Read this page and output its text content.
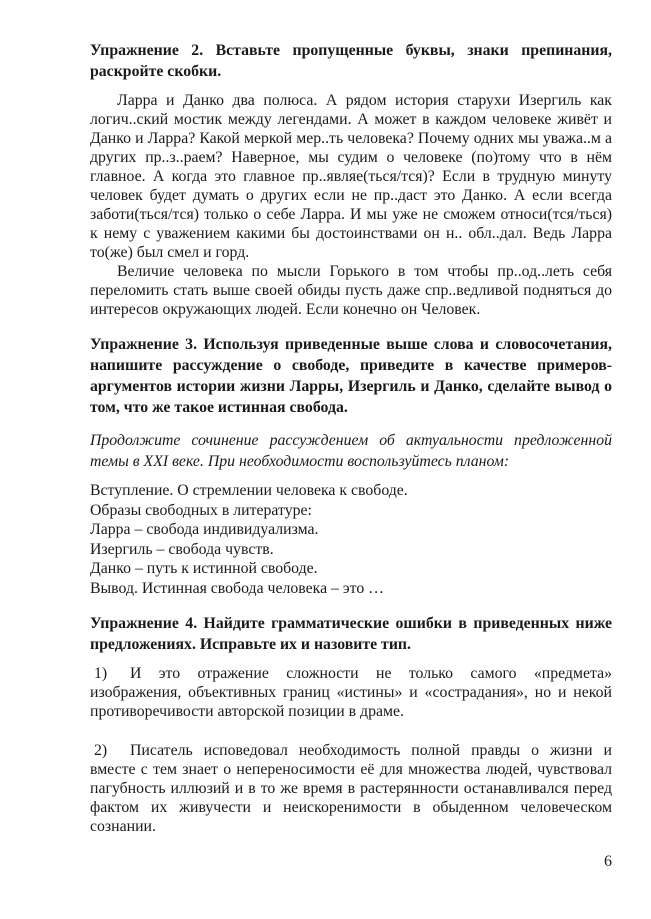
Упражнение 2. Вставьте пропущенные буквы, знаки препинания, раскройте скобки.

Ларра и Данко два полюса. А рядом история старухи Изергиль как логич..ский мостик между легендами. А может в каждом человеке живёт и Данко и Ларра? Какой меркой мер..ть человека? Почему одних мы уважа..м а других пр..з..раем? Наверное, мы судим о человеке (по)тому что в нём главное. А когда это главное пр..являе(ться/тся)? Если в трудную минуту человек будет думать о других если не пр..даст это Данко. А если всегда заботи(ться/тся) только о себе Ларра. И мы уже не сможем относи(тся/ться) к нему с уважением какими бы достоинствами он н.. обл..дал. Ведь Ларра то(же) был смел и горд.

Величие человека по мысли Горького в том чтобы пр..од..леть себя переломить стать выше своей обиды пусть даже спр..ведливой подняться до интересов окружающих людей. Если конечно он Человек.

Упражнение 3. Используя приведенные выше слова и словосочетания, напишите рассуждение о свободе, приведите в качестве примеров-аргументов истории жизни Ларры, Изергиль и Данко, сделайте вывод о том, что же такое истинная свобода.

Продолжите сочинение рассуждением об актуальности предложенной темы в XXI веке. При необходимости воспользуйтесь планом:

Вступление. О стремлении человека к свободе.

Образы свободных в литературе:

Ларра – свобода индивидуализма.

Изергиль – свобода чувств.

Данко – путь к истинной свободе.

Вывод. Истинная свобода человека – это …

Упражнение 4. Найдите грамматические ошибки в приведенных ниже предложениях. Исправьте их и назовите тип.

1) И это отражение сложности не только самого «предмета» изображения, объективных границ «истины» и «сострадания», но и некой противоречивости авторской позиции в драме.

2) Писатель исповедовал необходимость полной правды о жизни и вместе с тем знает о непереносимости её для множества людей, чувствовал пагубность иллюзий и в то же время в растерянности останавливался перед фактом их живучести и неискоренимости в обыденном человеческом сознании.

6
